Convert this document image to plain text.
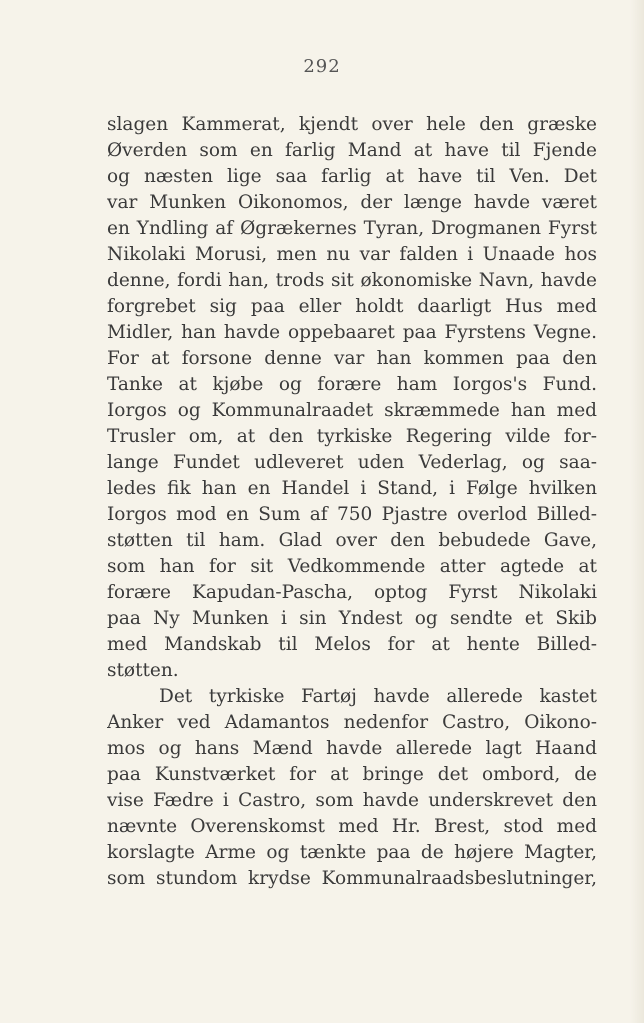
292
slagen Kammerat, kjendt over hele den græske
Øverden som en farlig Mand at have til Fjende
og næsten lige saa farlig at have til Ven. Det
var Munken Oikonomos, der længe havde været
en Yndling af Øgrækernes Tyran, Drogmanen Fyrst
Nikolaki Morusi, men nu var falden i Unaade hos
denne, fordi han, trods sit økonomiske Navn, havde
forgrebet sig paa eller holdt daarligt Hus med
Midler, han havde oppebaaret paa Fyrstens Vegne.
For at forsone denne var han kommen paa den
Tanke at kjøbe og forære ham Iorgos's Fund.
Iorgos og Kommunalraadet skræmmede han med
Trusler om, at den tyrkiske Regering vilde for-
lange Fundet udleveret uden Vederlag, og saa-
ledes fik han en Handel i Stand, i Følge hvilken
Iorgos mod en Sum af 750 Pjastre overlod Billed-
støtten til ham. Glad over den bebudede Gave,
som han for sit Vedkommende atter agtede at
forære Kapudan-Pascha, optog Fyrst Nikolaki
paa Ny Munken i sin Yndest og sendte et Skib
med Mandskab til Melos for at hente Billed-
støtten.
Det tyrkiske Fartøj havde allerede kastet
Anker ved Adamantos nedenfor Castro, Oikono-
mos og hans Mænd havde allerede lagt Haand
paa Kunstværket for at bringe det ombord, de
vise Fædre i Castro, som havde underskrevet den
nævnte Overenskomst med Hr. Brest, stod med
korslagte Arme og tænkte paa de højere Magter,
som stundom krydse Kommunalraadsbeslutninger,
